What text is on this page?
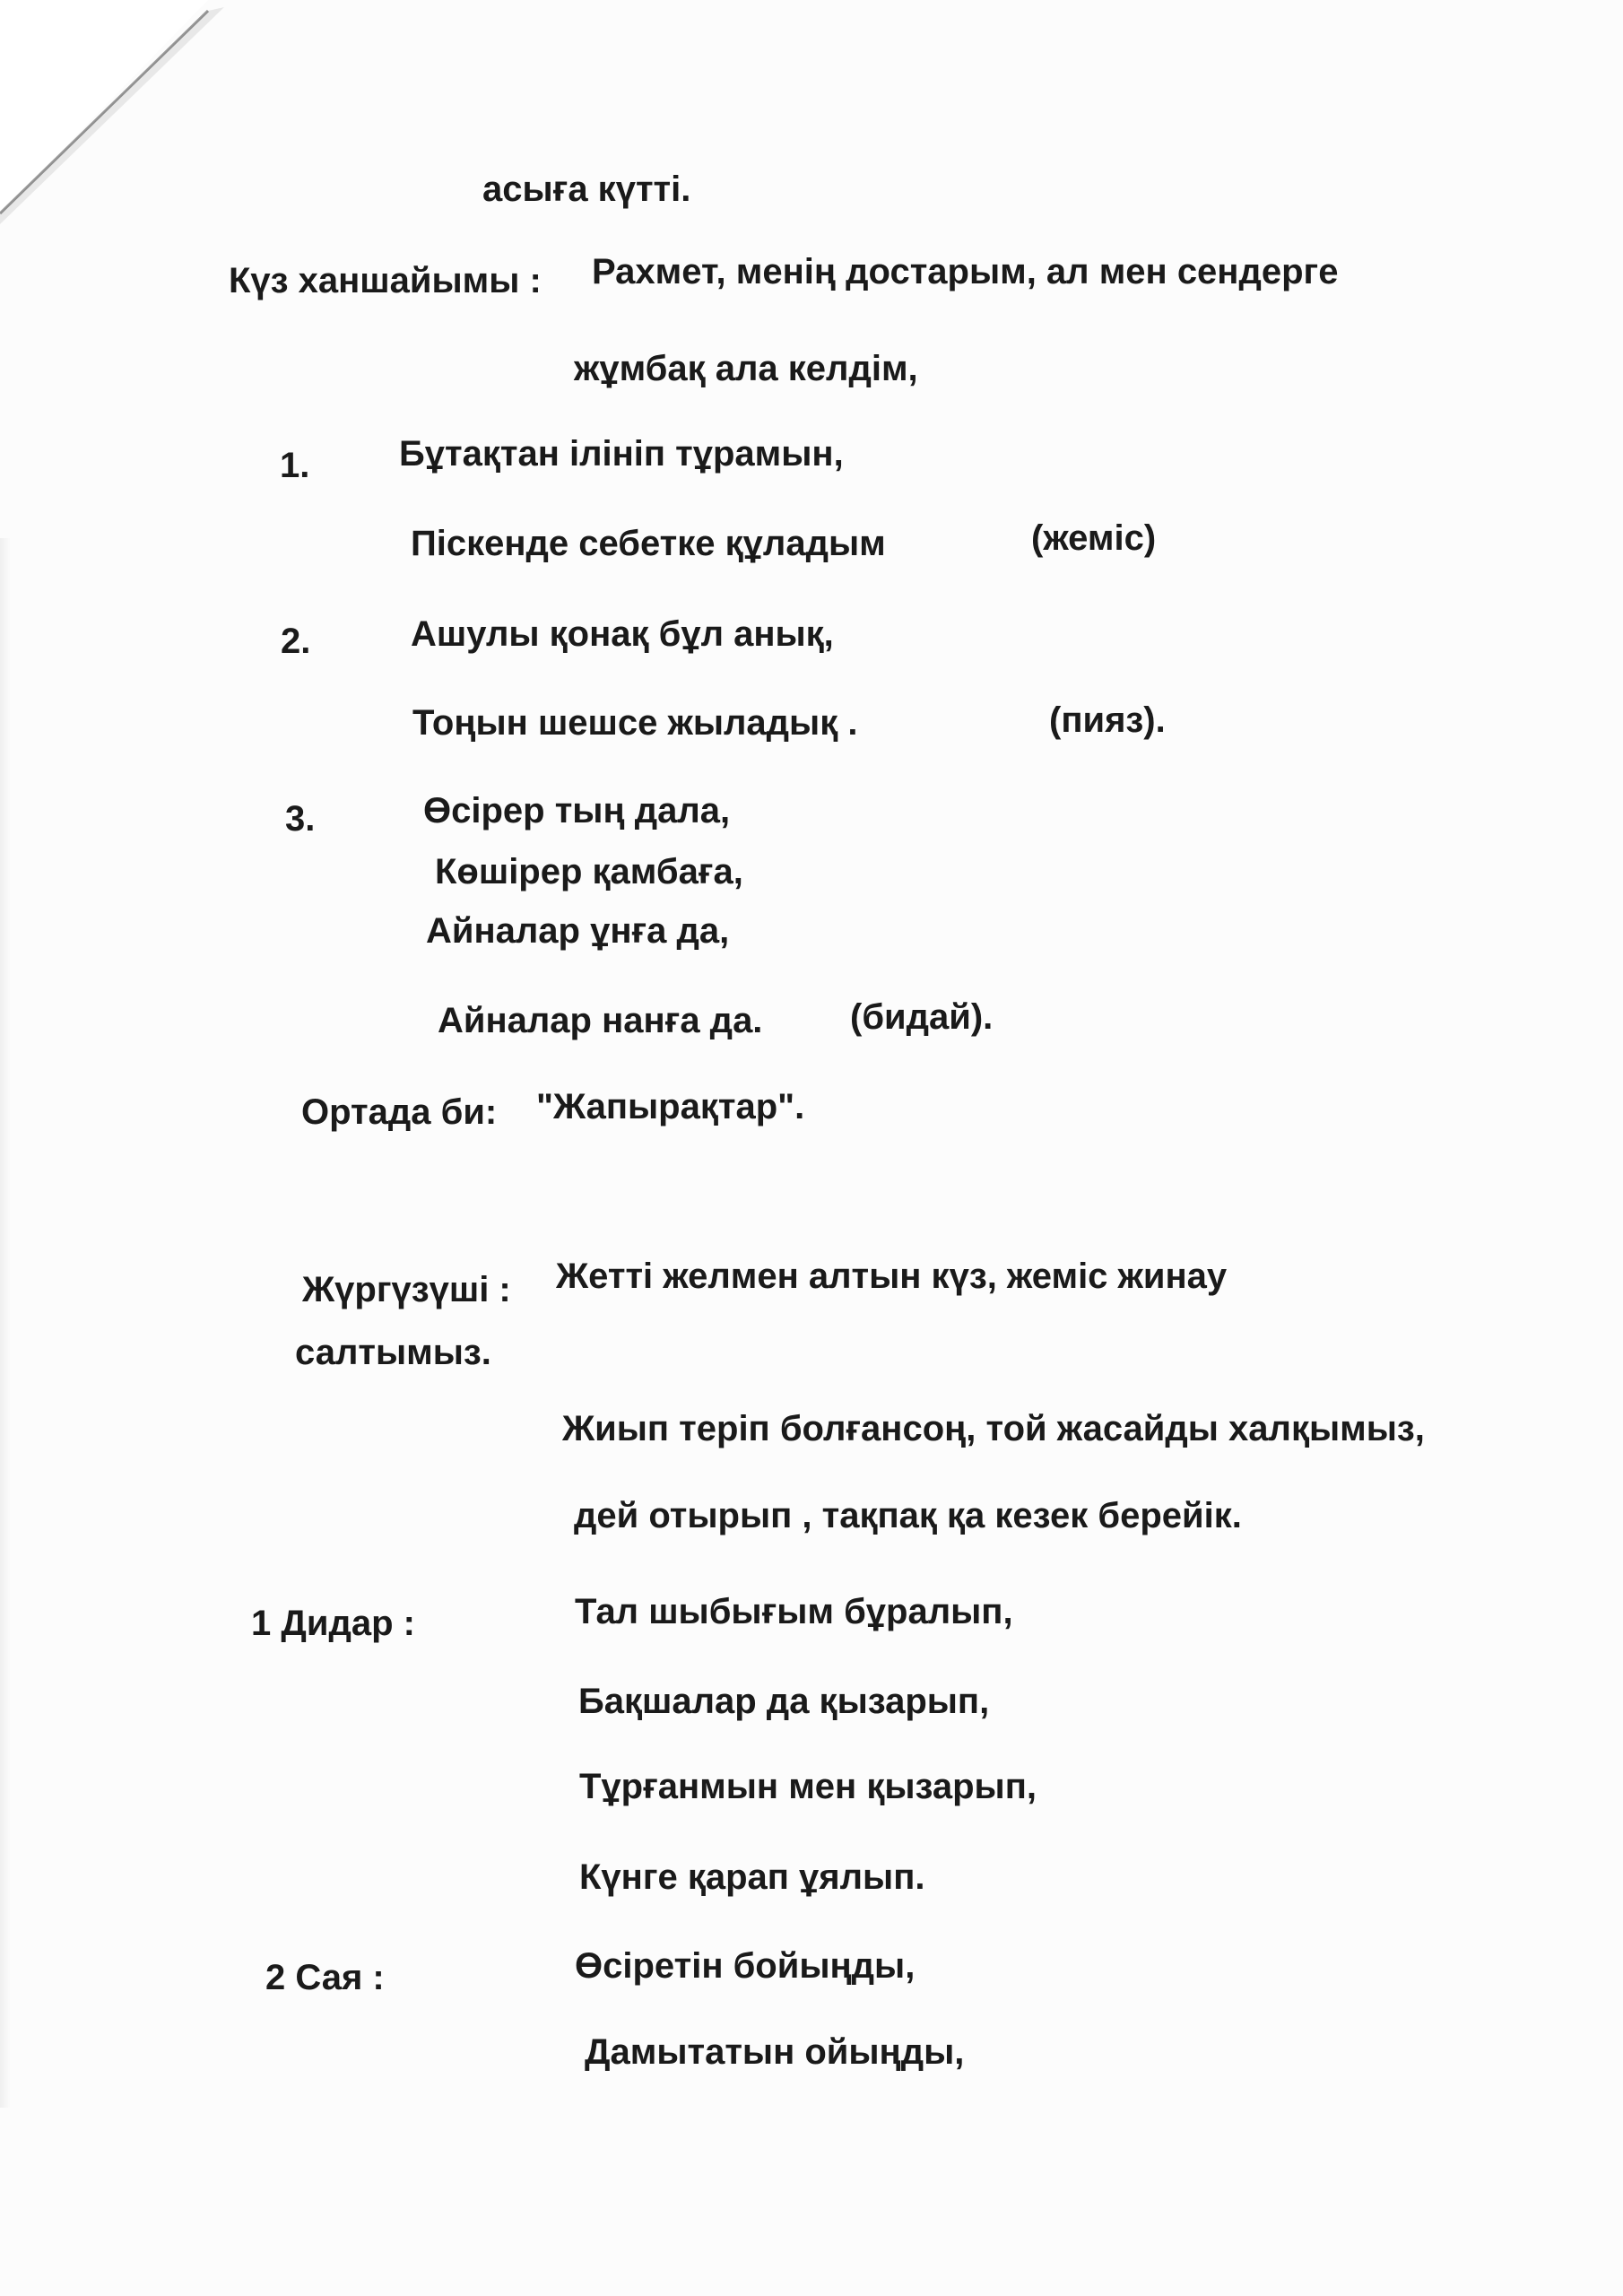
асыға күтті.
Күз ханшайымы : Рахмет, менің достарым, ал мен сендерге
жұмбақ ала келдім,
1. Бұтақтан ілініп тұрамын,
Піскенде себетке құладым	(жеміс)
2.	Ашулы қонақ бұл анық,
Тоңын шешсе жыладық .	(пияз).
3.	Өсірер тың дала,
Көшірер қамбаға,
Айналар ұнға да,
Айналар нанға да. (бидай).
Ортада би: "Жапырақтар".
Жүргүзүші : Жетті желмен алтын күз, жеміс жинау
салтымыз.
Жиып теріп болғансоң, той жасайды халқымыз,
дей отырып , тақпақ қа кезек берейік.
1 Дидар :	Тал шыбығым бұралып,
Бақшалар да қызарып,
Тұрғанмын мен қызарып,
Күнге қарап ұялып.
2 Сая :	Өсіретін бойыңды,
Дамытатын ойыңды,
